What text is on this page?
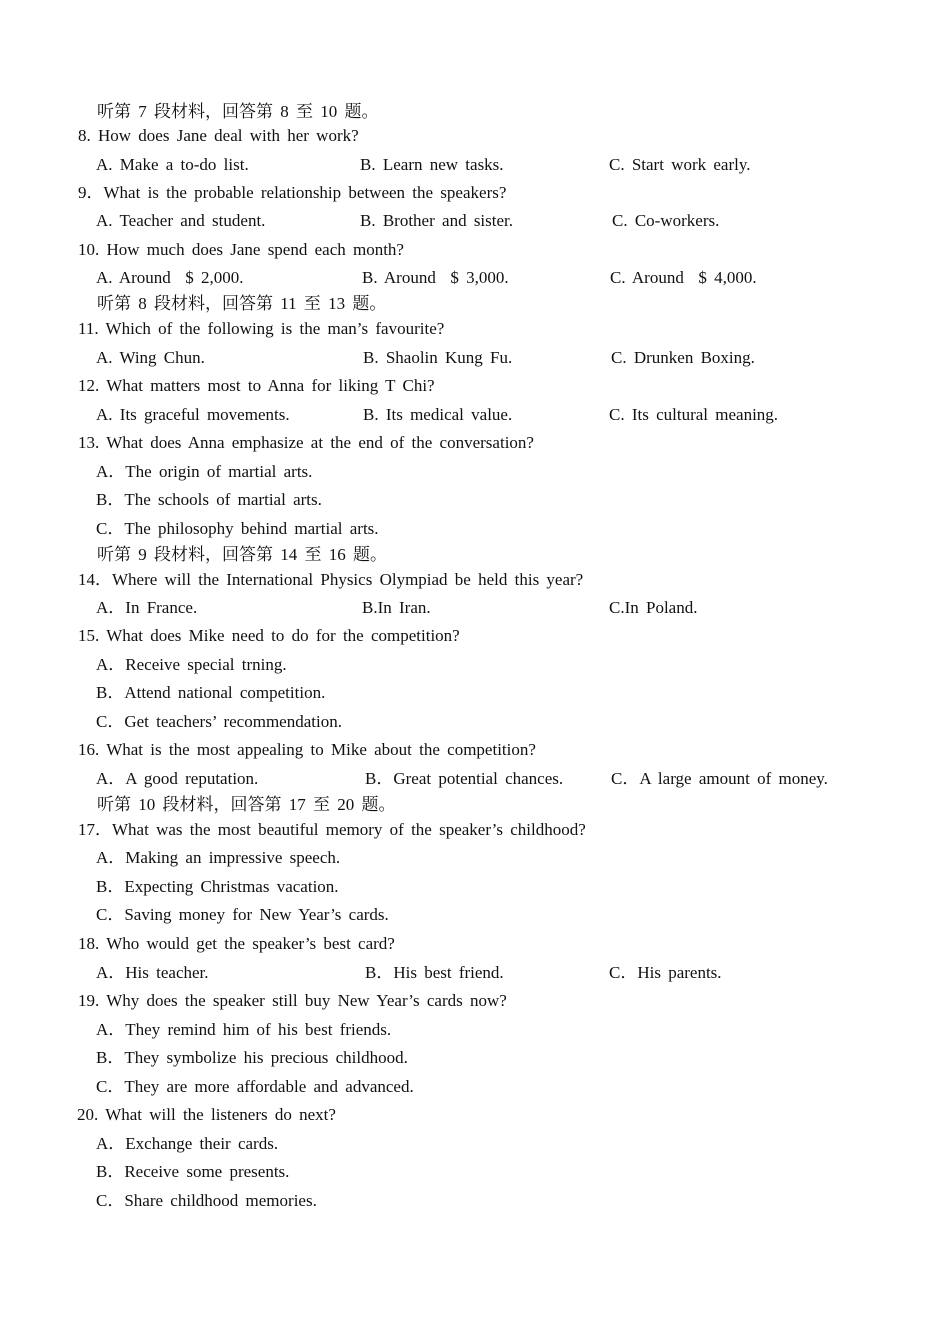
听第 7 段材料，回答第 8 至 10 题。
8. How does Jane deal with her work?
A. Make a to-do list.	B. Learn new tasks.	C. Start work early.
9．What is the probable relationship between the speakers?
A. Teacher and student.	B. Brother and sister.	C. Co-workers.
10. How much does Jane spend each month?
A. Around  $ 2,000.	B. Around  $ 3,000.	C. Around  $ 4,000.
听第 8 段材料，回答第 11 至 13 题。
11. Which of the following is the man’s favourite?
A. Wing Chun.	B. Shaolin Kung Fu.	C. Drunken Boxing.
12. What matters most to Anna for liking T Chi?
A. Its graceful movements.	B. Its medical value.	C. Its cultural meaning.
13. What does Anna emphasize at the end of the conversation?
A．The origin of martial arts.
B．The schools of martial arts.
C．The philosophy behind martial arts.
听第 9 段材料，回答第 14 至 16 题。
14．Where will the International Physics Olympiad be held this year?
A．In France.	B.In Iran.	C.In Poland.
15. What does Mike need to do for the competition?
A．Receive special trning.
B．Attend national competition.
C．Get teachers’ recommendation.
16. What is the most appealing to Mike about the competition?
A．A good reputation.	B．Great potential chances.	C．A large amount of money.
听第 10 段材料，回答第 17 至 20 题。
17．What was the most beautiful memory of the speaker’s childhood?
A．Making an impressive speech.
B．Expecting Christmas vacation.
C．Saving money for New Year’s cards.
18. Who would get the speaker’s best card?
A．His teacher.	B．His best friend.	C．His parents.
19. Why does the speaker still buy New Year’s cards now?
A．They remind him of his best friends.
B．They symbolize his precious childhood.
C．They are more affordable and advanced.
20. What will the listeners do next?
A．Exchange their cards.
B．Receive some presents.
C．Share childhood memories.
